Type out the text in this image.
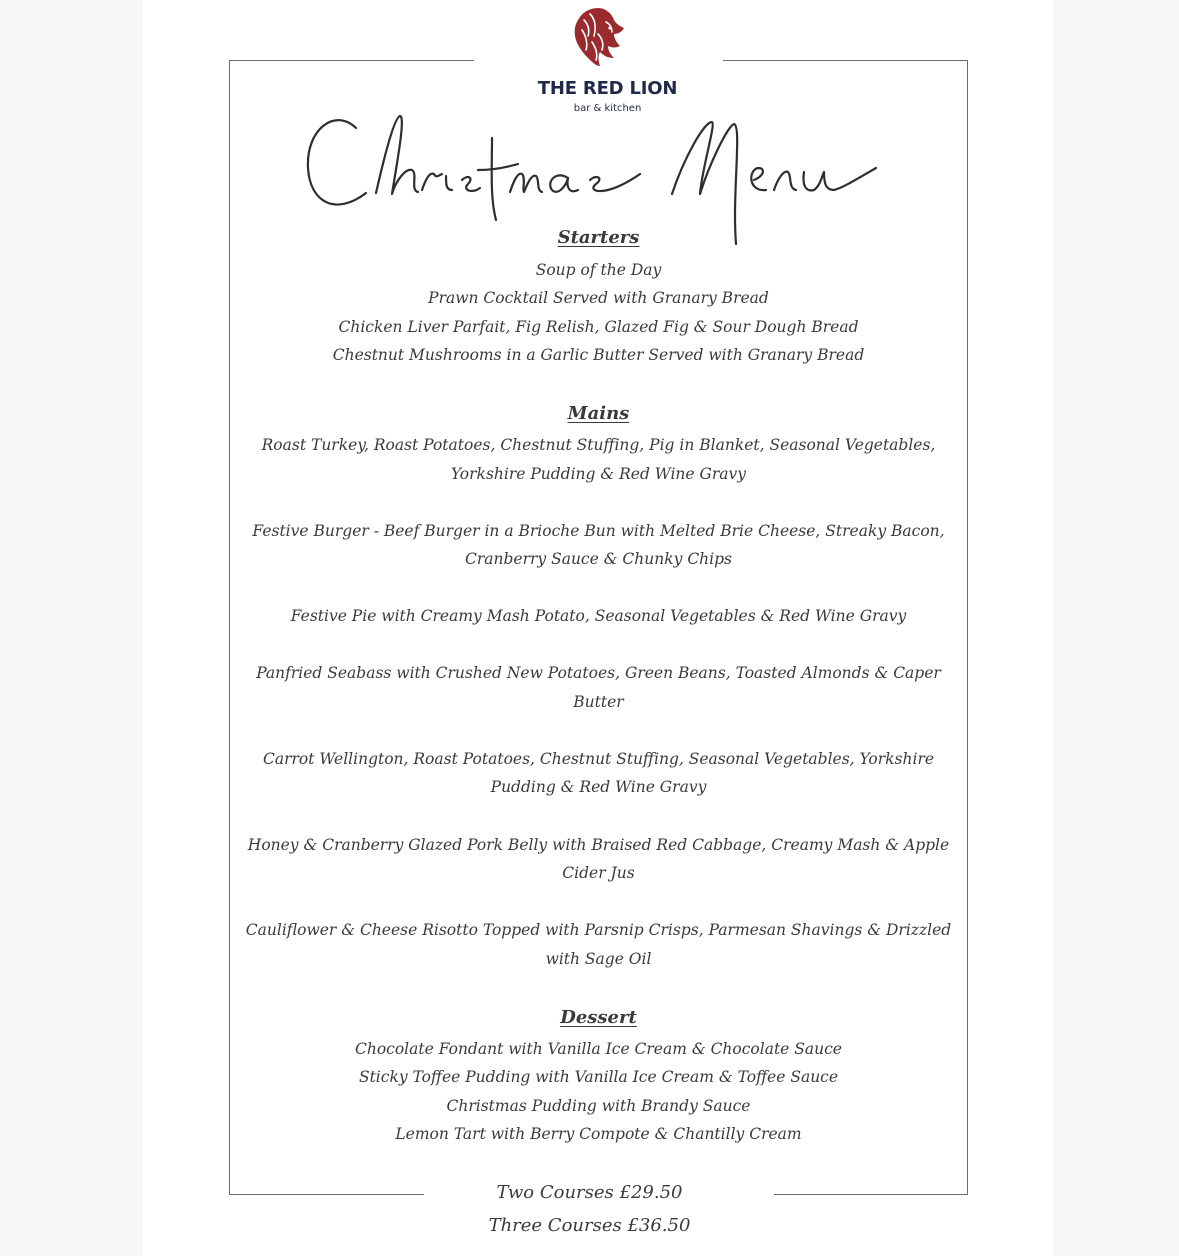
THE RED LION
bar & kitchen
Starters
Soup of the Day
Prawn Cocktail Served with Granary Bread
Chicken Liver Parfait, Fig Relish, Glazed Fig & Sour Dough Bread
Chestnut Mushrooms in a Garlic Butter Served with Granary Bread
Mains
Roast Turkey, Roast Potatoes, Chestnut Stuffing, Pig in Blanket, Seasonal Vegetables,
Yorkshire Pudding & Red Wine Gravy
Festive Burger - Beef Burger in a Brioche Bun with Melted Brie Cheese, Streaky Bacon,
Cranberry Sauce & Chunky Chips
Festive Pie with Creamy Mash Potato, Seasonal Vegetables & Red Wine Gravy
Panfried Seabass with Crushed New Potatoes, Green Beans, Toasted Almonds & Caper
Butter
Carrot Wellington, Roast Potatoes, Chestnut Stuffing, Seasonal Vegetables, Yorkshire
Pudding & Red Wine Gravy
Honey & Cranberry Glazed Pork Belly with Braised Red Cabbage, Creamy Mash & Apple
Cider Jus
Cauliflower & Cheese Risotto Topped with Parsnip Crisps, Parmesan Shavings & Drizzled
with Sage Oil
Dessert
Chocolate Fondant with Vanilla Ice Cream & Chocolate Sauce
Sticky Toffee Pudding with Vanilla Ice Cream & Toffee Sauce
Christmas Pudding with Brandy Sauce
Lemon Tart with Berry Compote & Chantilly Cream
Two Courses £29.50
Three Courses £36.50
